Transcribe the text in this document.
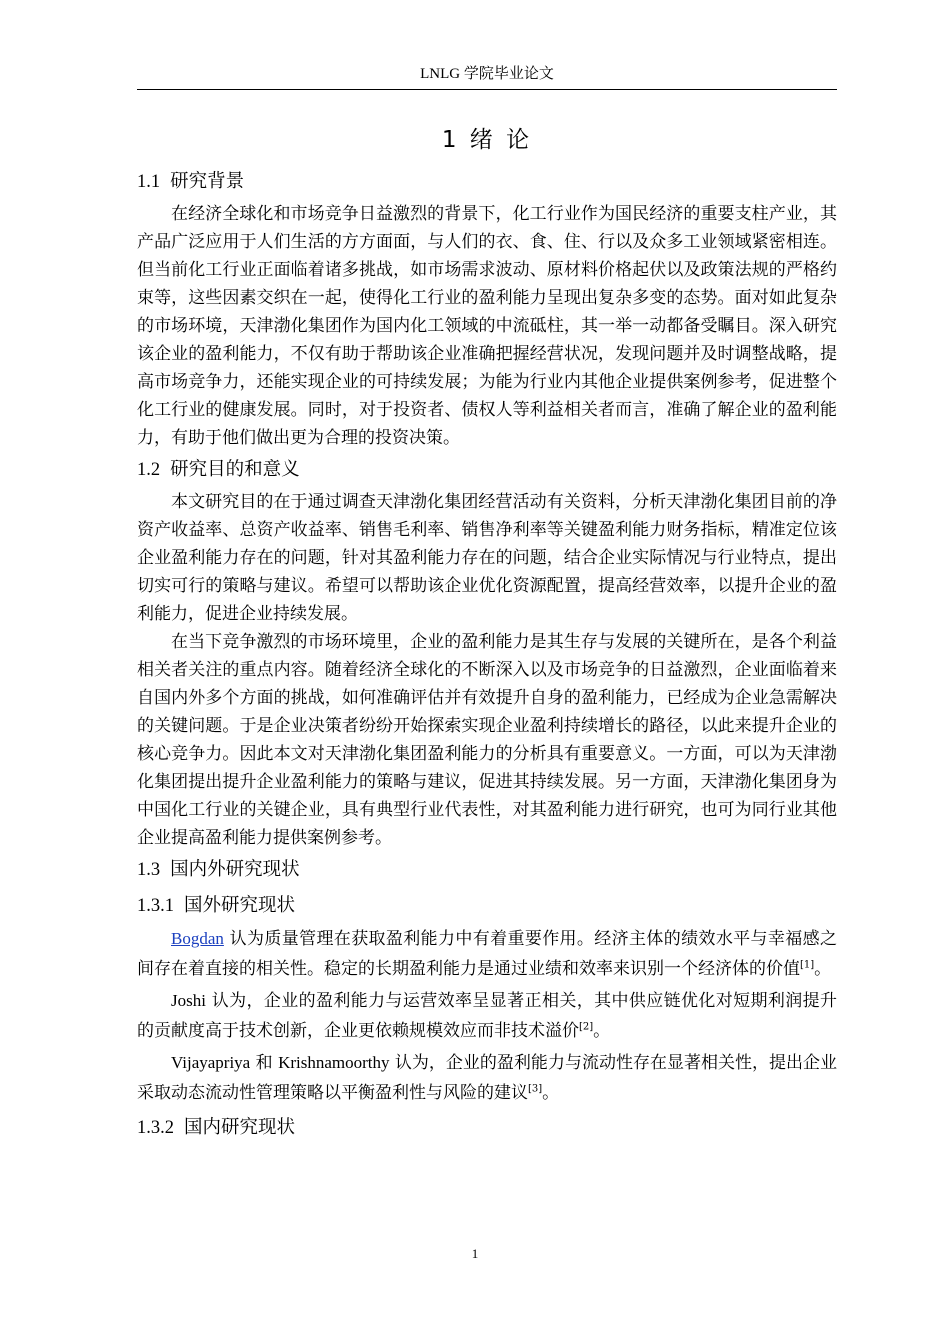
LNLG 学院毕业论文
1 绪 论
1.1 研究背景

在经济全球化和市场竞争日益激烈的背景下，化工行业作为国民经济的重要支柱产业，其产品广泛应用于人们生活的方方面面，与人们的衣、食、住、行以及众多工业领域紧密相连。但当前化工行业正面临着诸多挑战，如市场需求波动、原材料价格起伏以及政策法规的严格约束等，这些因素交织在一起，使得化工行业的盈利能力呈现出复杂多变的态势。面对如此复杂的市场环境，天津渤化集团作为国内化工领域的中流砥柱，其一举一动都备受瞩目。深入研究该企业的盈利能力，不仅有助于帮助该企业准确把握经营状况，发现问题并及时调整战略，提高市场竞争力，还能实现企业的可持续发展；为能为行业内其他企业提供案例参考，促进整个化工行业的健康发展。同时，对于投资者、债权人等利益相关者而言，准确了解企业的盈利能力，有助于他们做出更为合理的投资决策。

1.2 研究目的和意义

本文研究目的在于通过调查天津渤化集团经营活动有关资料，分析天津渤化集团目前的净资产收益率、总资产收益率、销售毛利率、销售净利率等关键盈利能力财务指标，精准定位该企业盈利能力存在的问题，针对其盈利能力存在的问题，结合企业实际情况与行业特点，提出切实可行的策略与建议。希望可以帮助该企业优化资源配置，提高经营效率，以提升企业的盈利能力，促进企业持续发展。

在当下竞争激烈的市场环境里，企业的盈利能力是其生存与发展的关键所在，是各个利益相关者关注的重点内容。随着经济全球化的不断深入以及市场竞争的日益激烈，企业面临着来自国内外多个方面的挑战，如何准确评估并有效提升自身的盈利能力，已经成为企业急需解决的关键问题。于是企业决策者纷纷开始探索实现企业盈利持续增长的路径，以此来提升企业的核心竞争力。因此本文对天津渤化集团盈利能力的分析具有重要意义。一方面，可以为天津渤化集团提出提升企业盈利能力的策略与建议，促进其持续发展。另一方面，天津渤化集团身为中国化工行业的关键企业，具有典型行业代表性，对其盈利能力进行研究，也可为同行业其他企业提高盈利能力提供案例参考。

1.3 国内外研究现状
1.3.1 国外研究现状

Bogdan 认为质量管理在获取盈利能力中有着重要作用。经济主体的绩效水平与幸福感之间存在着直接的相关性。稳定的长期盈利能力是通过业绩和效率来识别一个经济体的价值[1]。

Joshi 认为，企业的盈利能力与运营效率呈显著正相关，其中供应链优化对短期利润提升的贡献度高于技术创新，企业更依赖规模效应而非技术溢价[2]。

Vijayapriya 和 Krishnamoorthy 认为，企业的盈利能力与流动性存在显著相关性，提出企业采取动态流动性管理策略以平衡盈利性与风险的建议[3]。

1.3.2 国内研究现状
1
